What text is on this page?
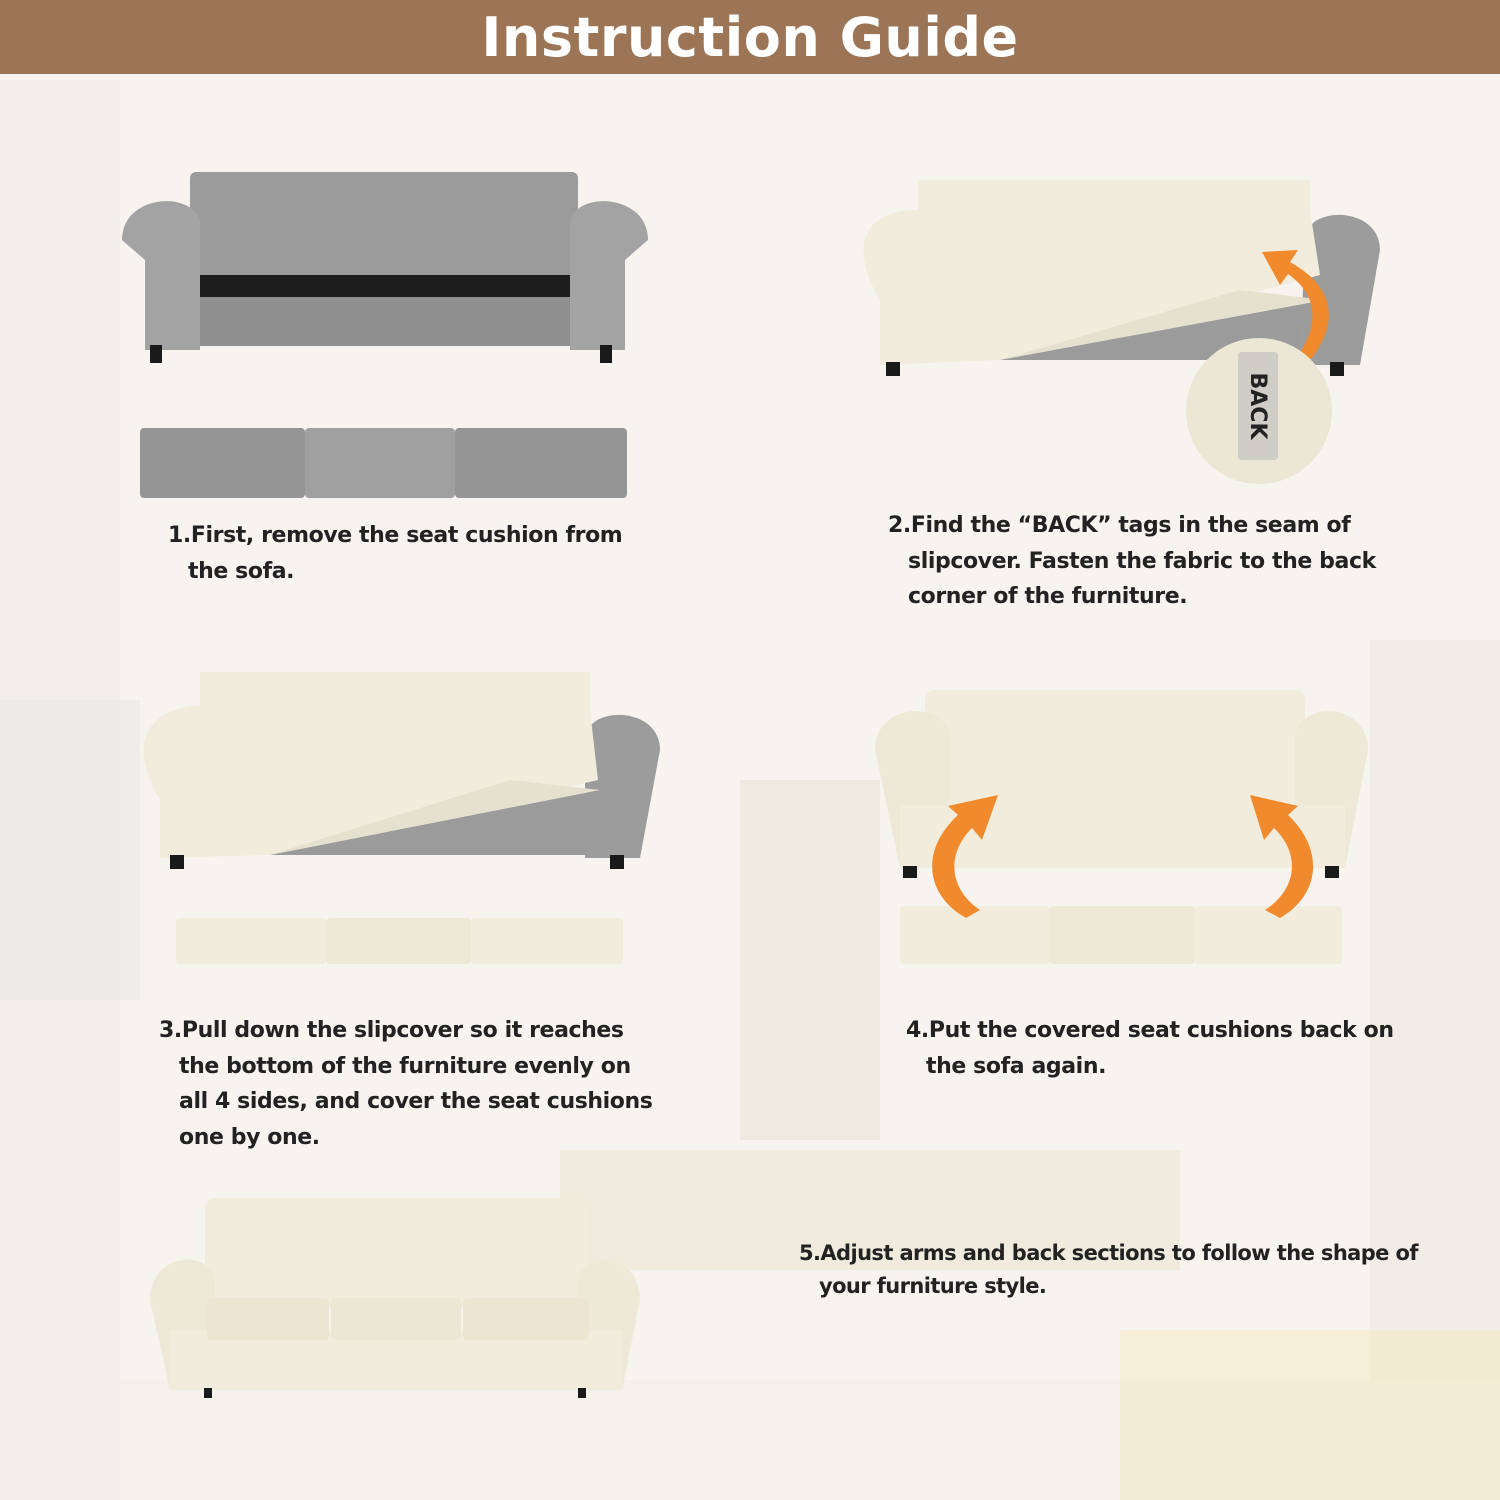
Instruction Guide
1.First, remove the seat cushion from
the sofa.
BACK
2.Find the “BACK” tags in the seam of
slipcover. Fasten the fabric to the back
corner of the furniture.
3.Pull down the slipcover so it reaches
the bottom of the furniture evenly on
all 4 sides, and cover the seat cushions
one by one.
4.Put the covered seat cushions back on
the sofa again.
5.Adjust arms and back sections to follow the shape of
your furniture style.
